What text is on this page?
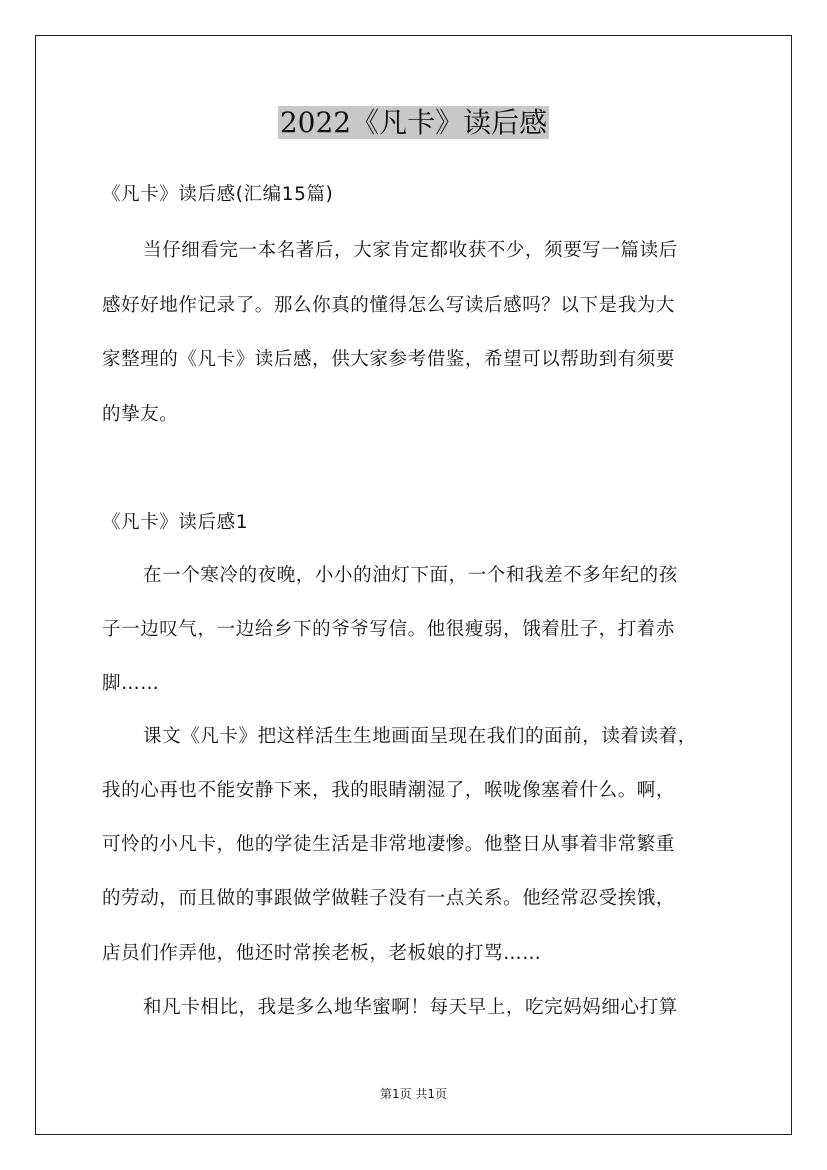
2022《凡卡》读后感
《凡卡》读后感(汇编15篇)
当仔细看完一本名著后，大家肯定都收获不少，须要写一篇读后
感好好地作记录了。那么你真的懂得怎么写读后感吗？以下是我为大
家整理的《凡卡》读后感，供大家参考借鉴，希望可以帮助到有须要
的挚友。
《凡卡》读后感1
在一个寒冷的夜晚，小小的油灯下面，一个和我差不多年纪的孩
子一边叹气，一边给乡下的爷爷写信。他很瘦弱，饿着肚子，打着赤
脚……
课文《凡卡》把这样活生生地画面呈现在我们的面前，读着读着，
我的心再也不能安静下来，我的眼睛潮湿了，喉咙像塞着什么。啊，
可怜的小凡卡，他的学徒生活是非常地凄惨。他整日从事着非常繁重
的劳动，而且做的事跟做学做鞋子没有一点关系。他经常忍受挨饿，
店员们作弄他，他还时常挨老板，老板娘的打骂……
和凡卡相比，我是多么地华蜜啊！每天早上，吃完妈妈细心打算
第1页 共1页
